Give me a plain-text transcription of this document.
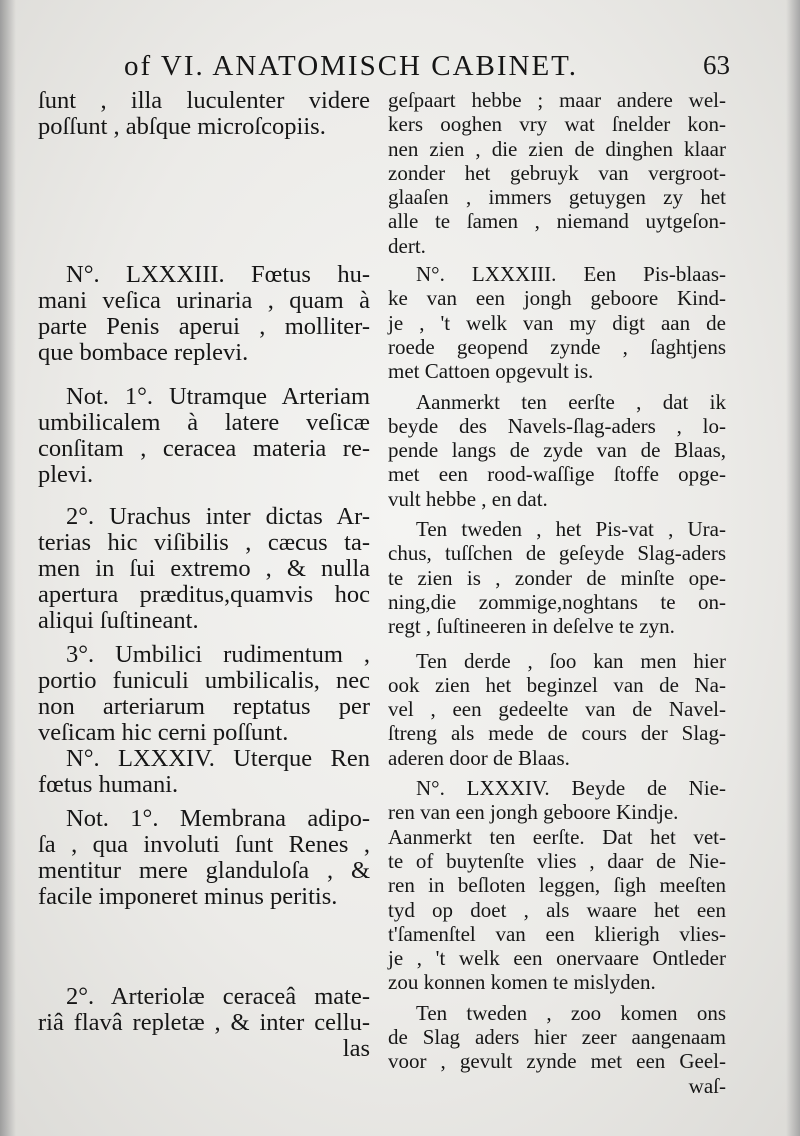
of VI. ANATOMISCH CABINET.	63
ſunt , illa luculenter videre
poſſunt , abſque microſcopiis.
N°. LXXXIII. Fœtus hu-
mani veſica urinaria , quam à
parte Penis aperui , molliter-
que bombace replevi.
Not. 1°. Utramque Arteriam
umbilicalem à latere veſicæ
conſitam , ceracea materia re-
plevi.
2°. Urachus inter dictas Ar-
terias hic viſibilis , cæcus ta-
men in ſui extremo , & nulla
apertura præditus,quamvis hoc
aliqui ſuſtineant.
3°. Umbilici rudimentum ,
portio funiculi umbilicalis, nec
non arteriarum reptatus per
veſicam hic cerni poſſunt.
N°. LXXXIV. Uterque Ren
fœtus humani.
Not. 1°. Membrana adipo-
ſa , qua involuti ſunt Renes ,
mentitur mere glandulоſa , &
facile imponeret minus peritis.
2°. Arteriolæ ceraceâ mate-
riâ flavâ repletæ , & inter cellu-
las
geſpaart hebbe ; maar andere wel-
kers ooghen vry wat ſnelder kon-
nen zien , die zien de dinghen klaar
zonder het gebruyk van vergroot-
glaaſen , immers getuygen zy het
alle te ſamen , niemand uytgeſon-
dert.
N°. LXXXIII. Een Pis-blaas-
ke van een jongh geboore Kind-
je , 't welk van my digt aan de
roede geopend zynde , ſaghtjens
met Cattoen opgevult is.
Aanmerkt ten eerſte , dat ik
beyde des Navels-ſlag-aders , lo-
pende langs de zyde van de Blaas,
met een rood-waſſige ſtoffe opge-
vult hebbe , en dat.
Ten tweden , het Pis-vat , Ura-
chus, tuſſchen de geſeyde Slag-aders
te zien is , zonder de minſte ope-
ning,die zommige,noghtans te on-
regt , ſuſtineeren in deſelve te zyn.
Ten derde , ſoo kan men hier
ook zien het beginzel van de Na-
vel , een gedeelte van de Navel-
ſtreng als mede de cours der Slag-
aderen door de Blaas.
N°. LXXXIV. Beyde de Nie-
ren van een jongh geboore Kindje.
Aanmerkt ten eerſte. Dat het vet-
te of buytenſte vlies , daar de Nie-
ren in beſloten leggen, ſigh meeſten
tyd op doet , als waare het een
t'ſamenſtel van een klierigh vlies-
je , 't welk een onervaare Ontleder
zou konnen komen te mislyden.
Ten tweden , zoo komen ons
de Slag aders hier zeer aangenaam
voor , gevult zynde met een Geel-
waſ-
